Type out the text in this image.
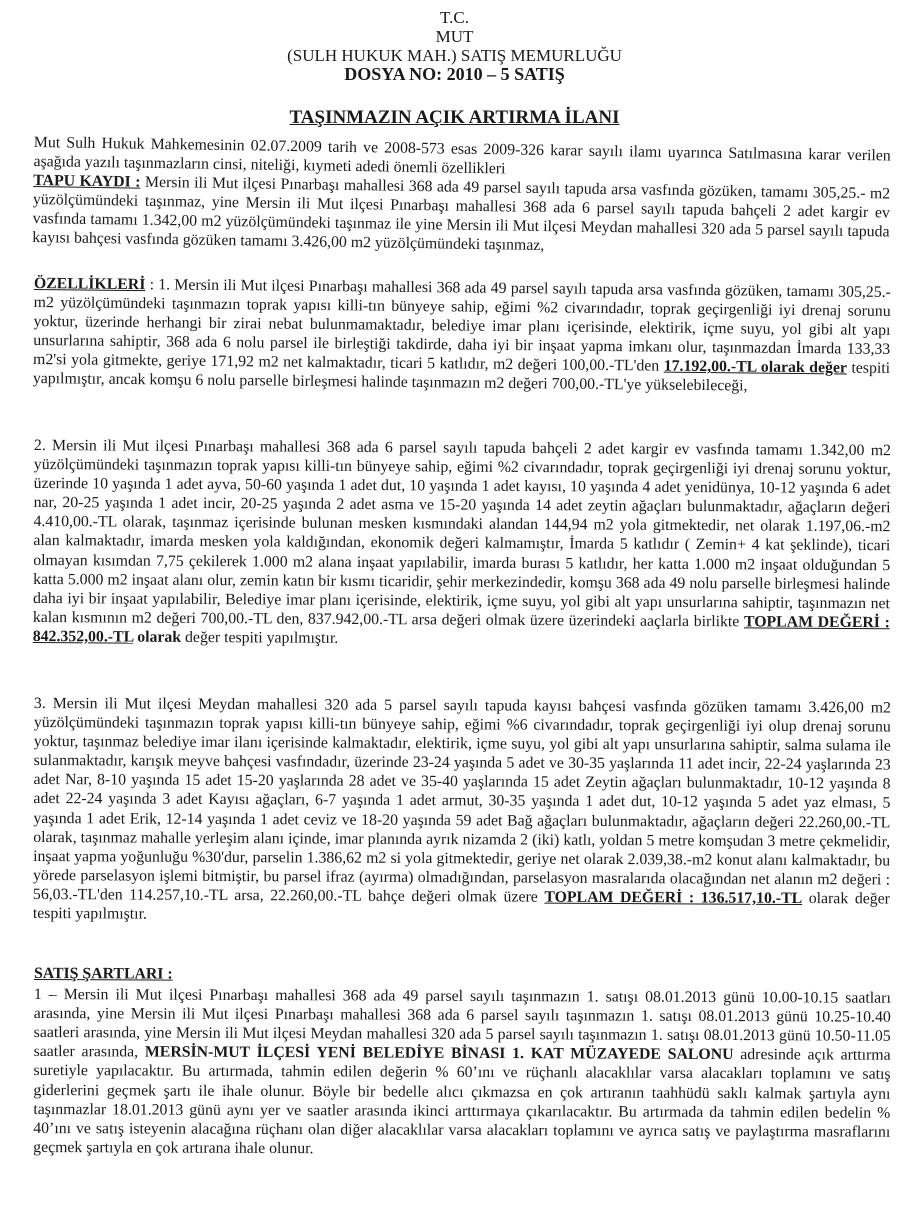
T.C.
MUT
(SULH HUKUK MAH.) SATIŞ MEMURLUĞU
DOSYA NO: 2010 – 5 SATIŞ
TAŞINMAZIN AÇIK ARTIRMA İLANI

Mut Sulh Hukuk Mahkemesinin 02.07.2009 tarih ve 2008-573 esas 2009-326 karar sayılı ilamı uyarınca Satılmasına karar verilen aşağıda yazılı taşınmazların cinsi, niteliği, kıymeti adedi önemli özellikleri

TAPU KAYDI : Mersin ili Mut ilçesi Pınarbaşı mahallesi 368 ada 49 parsel sayılı tapuda arsa vasfında gözüken, tamamı 305,25.- m2 yüzölçümündeki taşınmaz, yine Mersin ili Mut ilçesi Pınarbaşı mahallesi 368 ada 6 parsel sayılı tapuda bahçeli 2 adet kargir ev vasfında tamamı 1.342,00 m2 yüzölçümündeki taşınmaz ile yine Mersin ili Mut ilçesi Meydan mahallesi 320 ada 5 parsel sayılı tapuda kayısı bahçesi vasfında gözüken tamamı 3.426,00 m2 yüzölçümündeki taşınmaz,

ÖZELLİKLERİ : 1. Mersin ili Mut ilçesi Pınarbaşı mahallesi 368 ada 49 parsel sayılı tapuda arsa vasfında gözüken, tamamı 305,25.- m2 yüzölçümündeki taşınmazın toprak yapısı killi-tın bünyeye sahip, eğimi %2 civarındadır, toprak geçirgenliği iyi drenaj sorunu yoktur, üzerinde herhangi bir zirai nebat bulunmamaktadır, belediye imar planı içerisinde, elektirik, içme suyu, yol gibi alt yapı unsurlarına sahiptir, 368 ada 6 nolu parsel ile birleştiği takdirde, daha iyi bir inşaat yapma imkanı olur, taşınmazdan İmarda 133,33 m2'si yola gitmekte, geriye 171,92 m2 net kalmaktadır, ticari 5 katlıdır, m2 değeri 100,00.-TL'den 17.192,00.-TL olarak değer tespiti yapılmıştır, ancak komşu 6 nolu parselle birleşmesi halinde taşınmazın m2 değeri 700,00.-TL'ye yükselebileceği,

2. Mersin ili Mut ilçesi Pınarbaşı mahallesi 368 ada 6 parsel sayılı tapuda bahçeli 2 adet kargir ev vasfında tamamı 1.342,00 m2 yüzölçümündeki taşınmazın toprak yapısı killi-tın bünyeye sahip, eğimi %2 civarındadır, toprak geçirgenliği iyi drenaj sorunu yoktur, üzerinde 10 yaşında 1 adet ayva, 50-60 yaşında 1 adet dut, 10 yaşında 1 adet kayısı, 10 yaşında 4 adet yenidünya, 10-12 yaşında 6 adet nar, 20-25 yaşında 1 adet incir, 20-25 yaşında 2 adet asma ve 15-20 yaşında 14 adet zeytin ağaçları bulunmaktadır, ağaçların değeri 4.410,00.-TL olarak, taşınmaz içerisinde bulunan mesken kısmındaki alandan 144,94 m2 yola gitmektedir, net olarak 1.197,06.-m2 alan kalmaktadır, imarda mesken yola kaldığından, ekonomik değeri kalmamıştır, İmarda 5 katlıdır ( Zemin+ 4 kat şeklinde), ticari olmayan kısımdan 7,75 çekilerek 1.000 m2 alana inşaat yapılabilir, imarda burası 5 katlıdır, her katta 1.000 m2 inşaat olduğundan 5 katta 5.000 m2 inşaat alanı olur, zemin katın bir kısmı ticaridir, şehir merkezindedir, komşu 368 ada 49 nolu parselle birleşmesi halinde daha iyi bir inşaat yapılabilir, Belediye imar planı içerisinde, elektirik, içme suyu, yol gibi alt yapı unsurlarına sahiptir, taşınmazın net kalan kısmının m2 değeri 700,00.-TL den, 837.942,00.-TL arsa değeri olmak üzere üzerindeki aaçlarla birlikte TOPLAM DEĞERİ : 842.352,00.-TL olarak değer tespiti yapılmıştır.

3. Mersin ili Mut ilçesi Meydan mahallesi 320 ada 5 parsel sayılı tapuda kayısı bahçesi vasfında gözüken tamamı 3.426,00 m2 yüzölçümündeki taşınmazın toprak yapısı killi-tın bünyeye sahip, eğimi %6 civarındadır, toprak geçirgenliği iyi olup drenaj sorunu yoktur, taşınmaz belediye imar ilanı içerisinde kalmaktadır, elektirik, içme suyu, yol gibi alt yapı unsurlarına sahiptir, salma sulama ile sulanmaktadır, karışık meyve bahçesi vasfındadır, üzerinde 23-24 yaşında 5 adet ve 30-35 yaşlarında 11 adet incir, 22-24 yaşlarında 23 adet Nar, 8-10 yaşında 15 adet 15-20 yaşlarında 28 adet ve 35-40 yaşlarında 15 adet Zeytin ağaçları bulunmaktadır, 10-12 yaşında 8 adet 22-24 yaşında 3 adet Kayısı ağaçları, 6-7 yaşında 1 adet armut, 30-35 yaşında 1 adet dut, 10-12 yaşında 5 adet yaz elması, 5 yaşında 1 adet Erik, 12-14 yaşında 1 adet ceviz ve 18-20 yaşında 59 adet Bağ ağaçları bulunmaktadır, ağaçların değeri 22.260,00.-TL olarak, taşınmaz mahalle yerleşim alanı içinde, imar planında ayrık nizamda 2 (iki) katlı, yoldan 5 metre komşudan 3 metre çekmelidir, inşaat yapma yoğunluğu %30'dur, parselin 1.386,62 m2 si yola gitmektedir, geriye net olarak 2.039,38.-m2 konut alanı kalmaktadır, bu yörede parselasyon işlemi bitmiştir, bu parsel ifraz (ayırma) olmadığından, parselasyon masralarıda olacağından net alanın m2 değeri : 56,03.-TL'den 114.257,10.-TL arsa, 22.260,00.-TL bahçe değeri olmak üzere TOPLAM DEĞERİ : 136.517,10.-TL olarak değer tespiti yapılmıştır.

SATIŞ ŞARTLARI :

1 – Mersin ili Mut ilçesi Pınarbaşı mahallesi 368 ada 49 parsel sayılı taşınmazın 1. satışı 08.01.2013 günü 10.00-10.15 saatları arasında, yine Mersin ili Mut ilçesi Pınarbaşı mahallesi 368 ada 6 parsel sayılı taşınmazın 1. satışı 08.01.2013 günü 10.25-10.40 saatleri arasında, yine Mersin ili Mut ilçesi Meydan mahallesi 320 ada 5 parsel sayılı taşınmazın 1. satışı 08.01.2013 günü 10.50-11.05 saatler arasında, MERSİN-MUT İLÇESİ YENİ BELEDİYE BİNASI 1. KAT MÜZAYEDE SALONU adresinde açık arttırma suretiyle yapılacaktır. Bu artırmada, tahmin edilen değerin % 60’ını ve rüçhanlı alacaklılar varsa alacakları toplamını ve satış giderlerini geçmek şartı ile ihale olunur. Böyle bir bedelle alıcı çıkmazsa en çok artıranın taahhüdü saklı kalmak şartıyla aynı taşınmazlar 18.01.2013 günü aynı yer ve saatler arasında ikinci arttırmaya çıkarılacaktır. Bu artırmada da tahmin edilen bedelin % 40’ını ve satış isteyenin alacağına rüçhanı olan diğer alacaklılar varsa alacakları toplamını ve ayrıca satış ve paylaştırma masraflarını geçmek şartıyla en çok artırana ihale olunur.
